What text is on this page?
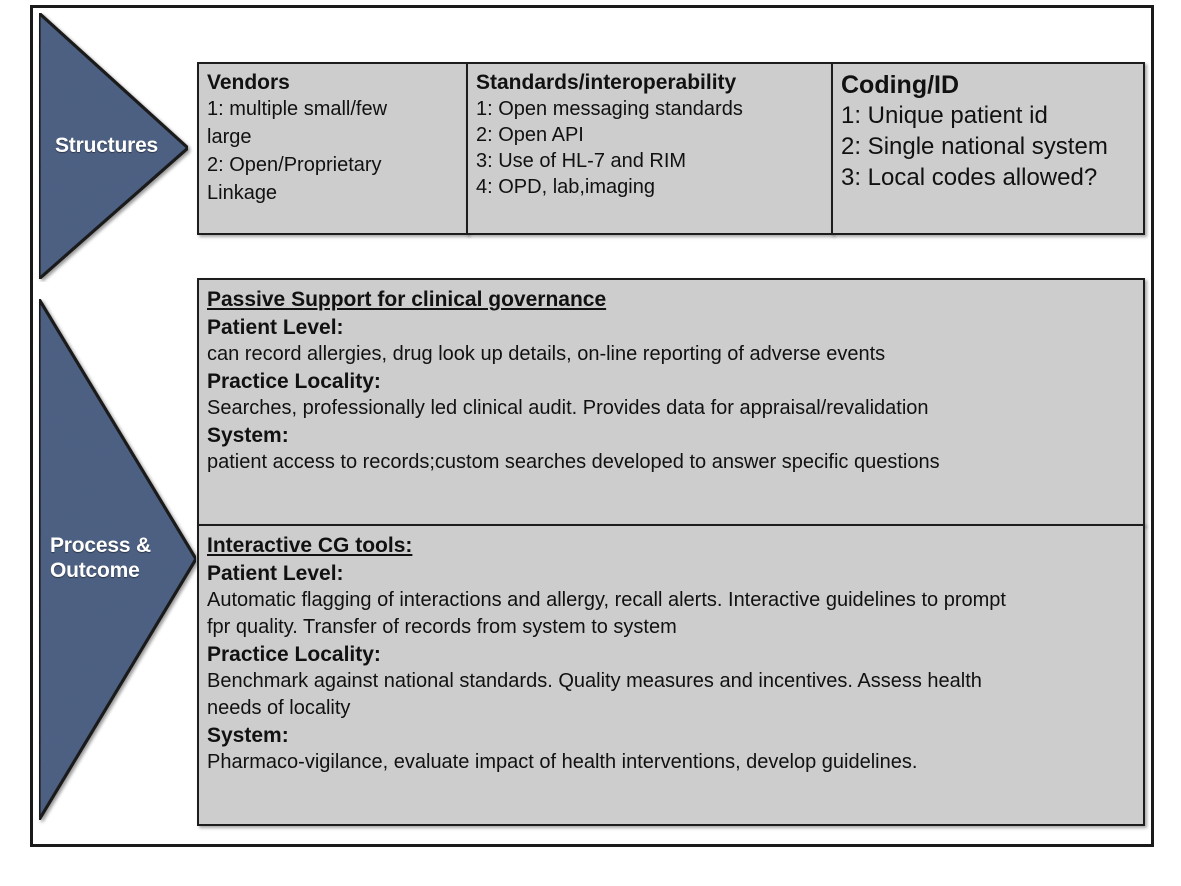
Structures
Process &
Outcome
Vendors
1: multiple small/few
large
2: Open/Proprietary
Linkage
Standards/interoperability
1: Open messaging standards
2: Open API
3: Use of HL-7 and RIM
4: OPD, lab,imaging
Coding/ID
1: Unique patient id
2: Single national system
3: Local codes allowed?
Passive Support for clinical governance
Patient Level:
can record allergies, drug look up details, on-line reporting of adverse events
Practice Locality:
Searches, professionally led clinical audit. Provides data for appraisal/revalidation
System:
patient access to records;custom searches developed to answer specific questions
Interactive CG tools:
Patient Level:
Automatic flagging of interactions and allergy, recall alerts. Interactive guidelines to prompt
fpr quality. Transfer of records from system to system
Practice Locality:
Benchmark against national standards. Quality measures and incentives. Assess health
needs of locality
System:
Pharmaco-vigilance, evaluate impact of health interventions, develop guidelines.
